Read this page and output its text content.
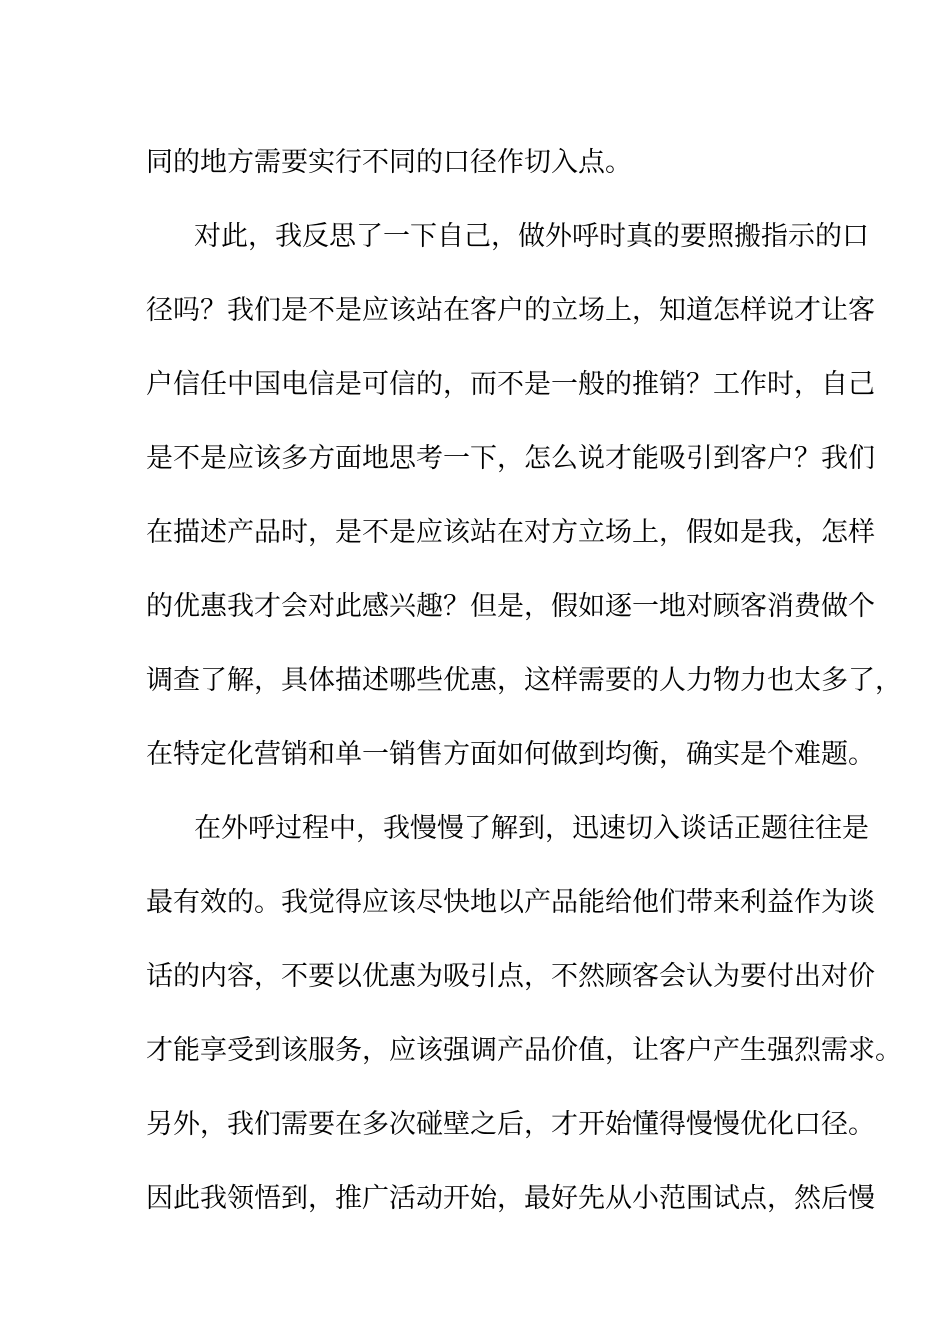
同的地方需要实行不同的口径作切入点。
对此，我反思了一下自己，做外呼时真的要照搬指示的口
径吗？我们是不是应该站在客户的立场上，知道怎样说才让客
户信任中国电信是可信的，而不是一般的推销？工作时，自己
是不是应该多方面地思考一下，怎么说才能吸引到客户？我们
在描述产品时，是不是应该站在对方立场上，假如是我，怎样
的优惠我才会对此感兴趣？但是，假如逐一地对顾客消费做个
调查了解，具体描述哪些优惠，这样需要的人力物力也太多了，
在特定化营销和单一销售方面如何做到均衡，确实是个难题。
在外呼过程中，我慢慢了解到，迅速切入谈话正题往往是
最有效的。我觉得应该尽快地以产品能给他们带来利益作为谈
话的内容，不要以优惠为吸引点，不然顾客会认为要付出对价
才能享受到该服务，应该强调产品价值，让客户产生强烈需求。
另外，我们需要在多次碰壁之后，才开始懂得慢慢优化口径。
因此我领悟到，推广活动开始，最好先从小范围试点，然后慢
